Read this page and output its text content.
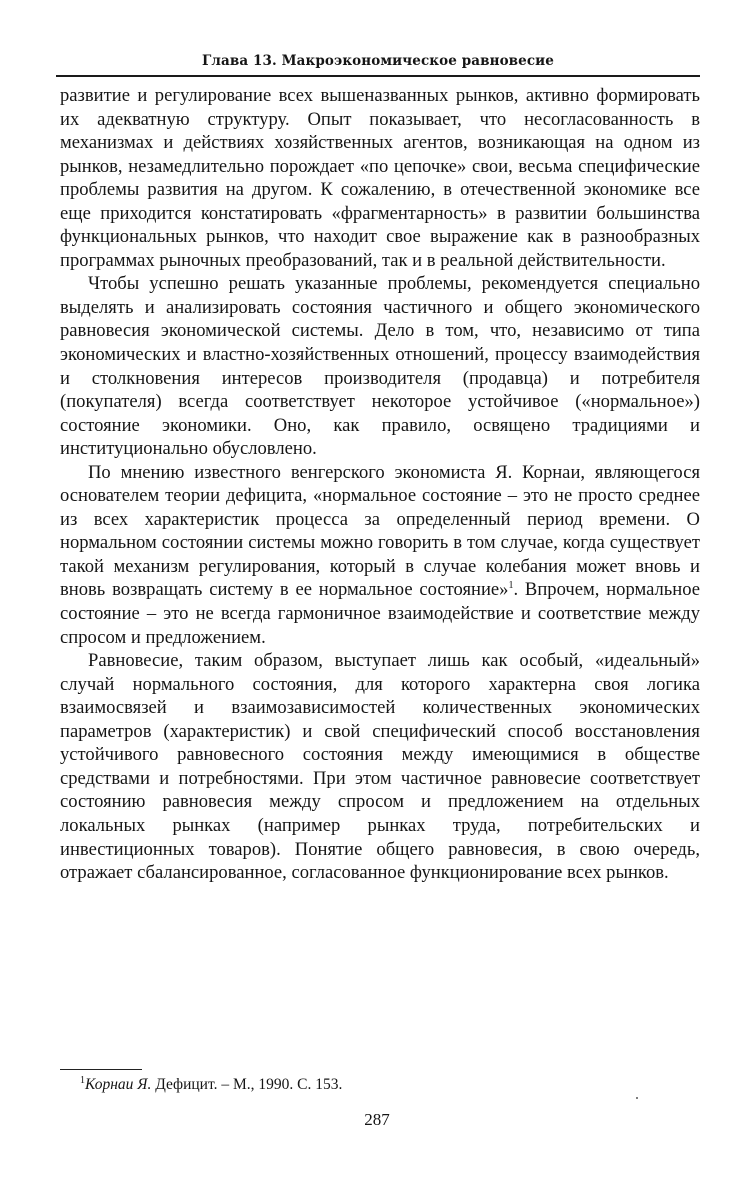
Глава 13. Макроэкономическое равновесие

развитие и регулирование всех вышеназванных рынков, активно формировать их адекватную структуру. Опыт показывает, что несогласованность в механизмах и действиях хозяйственных агентов, возникающая на одном из рынков, незамедлительно порождает «по цепочке» свои, весьма специфические проблемы развития на другом. К сожалению, в отечественной экономике все еще приходится констатировать «фрагментарность» в развитии большинства функциональных рынков, что находит свое выражение как в разнообразных программах рыночных преобразований, так и в реальной действительности.

Чтобы успешно решать указанные проблемы, рекомендуется специально выделять и анализировать состояния частичного и общего экономического равновесия экономической системы. Дело в том, что, независимо от типа экономических и властно-хозяйственных отношений, процессу взаимодействия и столкновения интересов производителя (продавца) и потребителя (покупателя) всегда соответствует некоторое устойчивое («нормальное») состояние экономики. Оно, как правило, освящено традициями и институционально обусловлено.

По мнению известного венгерского экономиста Я. Корнаи, являющегося основателем теории дефицита, «нормальное состояние – это не просто среднее из всех характеристик процесса за определенный период времени. О нормальном состоянии системы можно говорить в том случае, когда существует такой механизм регулирования, который в случае колебания может вновь и вновь возвращать систему в ее нормальное состояние»$^1$. Впрочем, нормальное состояние – это не всегда гармоничное взаимодействие и соответствие между спросом и предложением.

Равновесие, таким образом, выступает лишь как особый, «идеальный» случай нормального состояния, для которого характерна своя логика взаимосвязей и взаимозависимостей количественных экономических параметров (характеристик) и свой специфический способ восстановления устойчивого равновесного состояния между имеющимися в обществе средствами и потребностями. При этом частичное равновесие соответствует состоянию равновесия между спросом и предложением на отдельных локальных рынках (например рынках труда, потребительских и инвестиционных товаров). Понятие общего равновесия, в свою очередь, отражает сбалансированное, согласованное функционирование всех рынков.

$^1$Корнаи Я. Дефицит. – М., 1990. С. 153.
287
